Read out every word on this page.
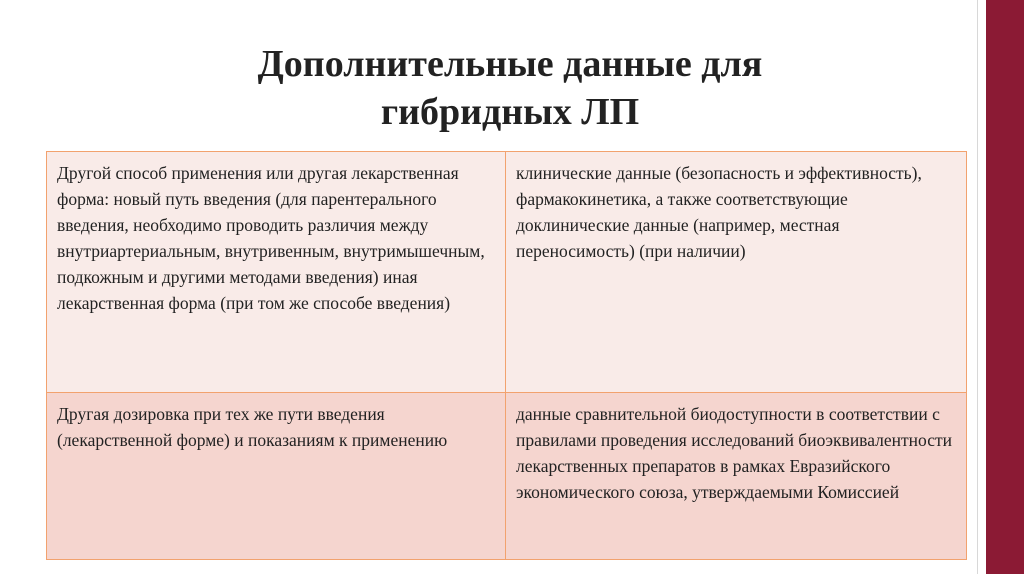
Дополнительные данные для
гибридных ЛП
Другой способ применения или другая лекарственная форма: новый путь введения (для парентерального введения, необходимо проводить различия между внутриартериальным, внутривенным, внутримышечным, подкожным и другими методами введения) иная лекарственная форма (при том же способе введения)	клинические данные (безопасность и эффективность), фармакокинетика, а также соответствующие доклинические данные (например, местная переносимость) (при наличии)
Другая дозировка при тех же пути введения (лекарственной форме) и показаниям к применению	данные сравнительной биодоступности в соответствии с правилами проведения исследований биоэквивалентности лекарственных препаратов в рамках Евразийского экономического союза, утверждаемыми Комиссией
